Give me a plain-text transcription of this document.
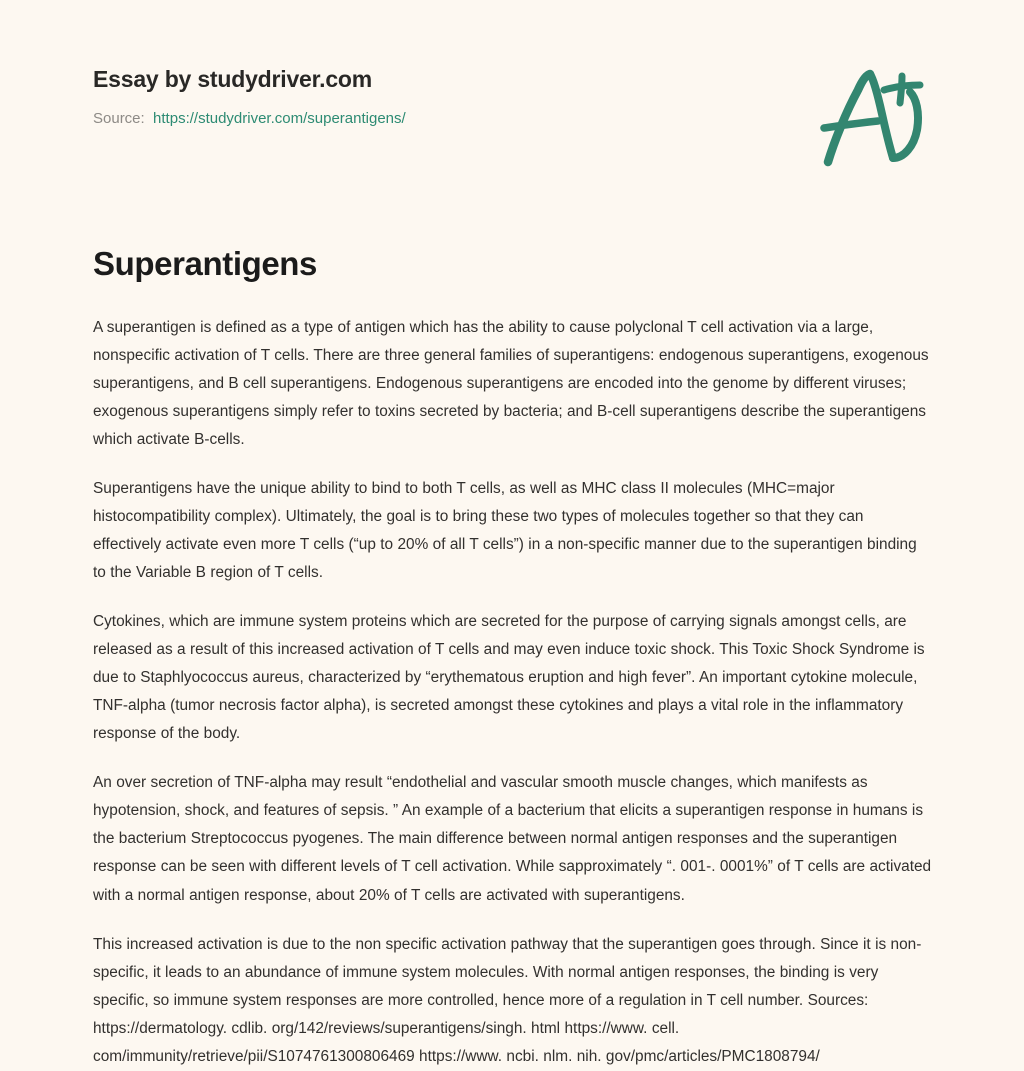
Essay by studydriver.com
Source: https://studydriver.com/superantigens/
Superantigens

A superantigen is defined as a type of antigen which has the ability to cause polyclonal T cell activation via a large, nonspecific activation of T cells. There are three general families of superantigens: endogenous superantigens, exogenous superantigens, and B cell superantigens. Endogenous superantigens are encoded into the genome by different viruses; exogenous superantigens simply refer to toxins secreted by bacteria; and B-cell superantigens describe the superantigens which activate B-cells.

Superantigens have the unique ability to bind to both T cells, as well as MHC class II molecules (MHC=major histocompatibility complex). Ultimately, the goal is to bring these two types of molecules together so that they can effectively activate even more T cells (“up to 20% of all T cells”) in a non-specific manner due to the superantigen binding to the Variable B region of T cells.

Cytokines, which are immune system proteins which are secreted for the purpose of carrying signals amongst cells, are released as a result of this increased activation of T cells and may even induce toxic shock. This Toxic Shock Syndrome is due to Staphlyococcus aureus, characterized by “erythematous eruption and high fever”. An important cytokine molecule, TNF-alpha (tumor necrosis factor alpha), is secreted amongst these cytokines and plays a vital role in the inflammatory response of the body.

An over secretion of TNF-alpha may result “endothelial and vascular smooth muscle changes, which manifests as hypotension, shock, and features of sepsis. ” An example of a bacterium that elicits a superantigen response in humans is the bacterium Streptococcus pyogenes. The main difference between normal antigen responses and the superantigen response can be seen with different levels of T cell activation. While sapproximately “. 001-. 0001%” of T cells are activated with a normal antigen response, about 20% of T cells are activated with superantigens.

This increased activation is due to the non specific activation pathway that the superantigen goes through. Since it is non- specific, it leads to an abundance of immune system molecules. With normal antigen responses, the binding is very specific, so immune system responses are more controlled, hence more of a regulation in T cell number. Sources: https://dermatology. cdlib. org/142/reviews/superantigens/singh. html https://www. cell. com/immunity/retrieve/pii/S1074761300806469 https://www. ncbi. nlm. nih. gov/pmc/articles/PMC1808794/
